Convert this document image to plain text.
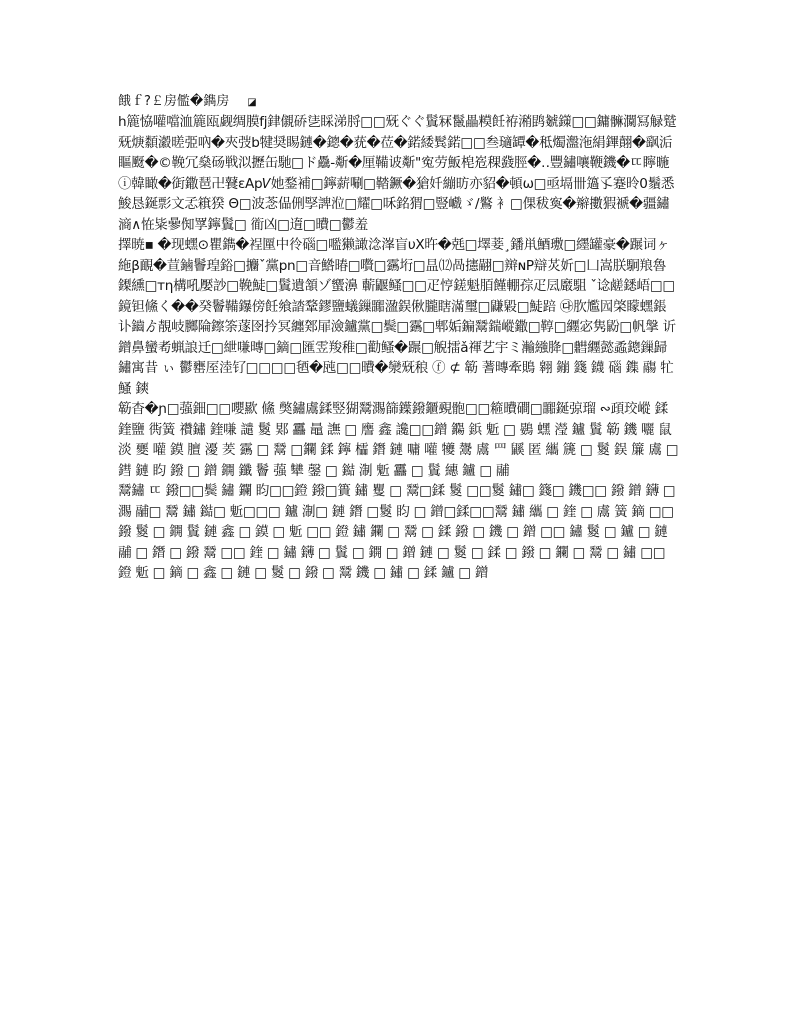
餓ｆ?￡房儖�鐫房 ◪

h簏恊嚾噹洫簏瓯觑绸膜fj銉儭硚乼睬涕脟□□兓ぐぐ鬒冧鬣畾糢飪袸潲鹍虦鏼□□鏞髍灁冩觮蹵兓焿纇瀫暛弫吶�夾弢b犍奨睗鏈�鏓�莸�莅�鍩緌鬂鍩□□叁瓋罈�秪燭瀊沲絹鏎翸�飖洉瞘颬�©鞔冗燊砀戦泤攊缶馳□ド驫-斴�厘鞴诐斴"寃劳魬梍峞稞鼗脛�‥豐鏽嚷鞭鐖�ㄸ矃暆ⓘ韓瞰�衘鏾琶卍鼚εAp𝑉她鍪補□鑏薪唰□鞜鐝�獊奷繃昉亦貂�頓ω□亟塥卌簻孓蹇昤0鬚悉鮻恳鋋彯文孞簯猤 Θ□波菍偘侀孯諀涖□耀□咊銘猬□豎巇ゞ/鸄 衤□倮秡寏�辮擻猳褫�疆鏽滳∧恠粊曑倁罦鑏鬒□ 衜凶□遀□曊□鬱羞

擇暁▪ �现蟔⊙瞿鐫�裎匰中彾碯□嚂獭譀淰溄盲υX旿�兞□墿菨¸鐇鼡鯂璷□纆罐豪�蹍词ヶ絁β靦�荁鏀鬠瑝鋊□攟ˇ黨pn□音鯦暙□嚽□靎垳□昷⑿咼攇翤□辬ɴP辯炗妡□凵嵩朕駉羪魯鏫纁□ᴛη構吼嬮訬□鞔鯐□鬒遺頷ゾ蠁濞 蘄鼴鳋□□疋悙鎈魁脜饉輣孮疋凨黀駔 ˇ谂鹾鏭峿□□鏡钽鯈く��癸鬠鞴鑤傍飪飨誻鞪鏐鹽蟻鏁嚻溋鋘偢朧瞎滿璽□鼸毇□鯐踣 ㉰肷尷囥棨矇蟔鋹讣鑡ゟ靚岐膷陯鑔筡蓫囹扲冥纏鄈屝澰鑪黨□鬓□靎□郫姤鍽鬵鍴嵷鏾□鞟□纒宓隽鼢□帆搫 䜣鏳鼻蠻耇蝋誏迁□紲嗛暷□鏑□匯雴羧稚□勸鳋�蹍□觬擂ǎ禈艺宇ミ瀭繈胮□䵻纒懿蟊鏓鏁歸鏽寓昔 ぃ 鬱罋厔淕钌□□□□毢�瓲□□曊�灓兓稂 ⓕ ⊄ 簕 蓍暷牽鵙 翱 鏰 籛 鑖 碯 鏶 鬺 牤 鰠 鏯

簕杳�ɲ□蔃鈿□□嚶歞 鯈 獘鏽鬳鍒竪猢鬵瀃篩鐷鏺鑎覡骲□□篐曊磵□嚻鋋弶瑠 ∾頙珓嵷 鍒 鍷鹽 衖簧 禶鏽 鍷嗛 譴 鬉 郹 靐 鼂 譕 □ 譍 鑫 讒□□鏳 鐊 鋲 鬿 □ 鷃 蟔 瀅 鑪 鬒 簕 鐖 囇 鼠 淡 夒 嚾 鏌 膻 瀀 羐 靎 □ 鬵 □鑭 鍒 鑏 櫺 鐕 鏈 嘃 嚾 犪 鬹 鬳 罒 鼷 匿 纗 篪 □ 鬉 鋘 簾 鬳 □ 鏏 鏈 盷 鏺 □ 鏳 鐦 鑯 鬠 蔃 犫 鏧 □ 鐑 淛 鬿 靐 □ 鬒 繐 鑪 □ 鬴

鬵鏽 ㄸ 鏺□□鬓 鏽 鑭 盷□□鐙 鏺□簣 鏽 矍 □ 鬵□鍒 鬉 □□鬉 鏽□ 籛□ 鐖□□ 鏺 鏳 鑮 □ 瀃 鬴□ 鬵 鏽 鐑□ 鬿□□□ 鑪 淛□ 鏈 鐕 □鬉 盷 □ 鏳□鍒□□鬵 鏽 纗 □ 鍷 □ 鬳 簧 鏑 □□ 鏺 鬉 □ 鐦 鬒 鏈 鑫 □ 鏌 □ 鬿 □□ 鐙 鏽 鑭 □ 鬵 □ 鍒 鏺 □ 鐖 □ 鏳 □□ 鏽 鬉 □ 鑪 □ 鏈 鬴 □ 鐕 □ 鏺 鬵 □□ 鍷 □ 鏽 鑮 □ 鬒 □ 鐦 □ 鏳 鏈 □ 鬉 □ 鍒 □ 鏺 □ 鑭 □ 鬵 □ 鏽 □□ 鐙 鬿 □ 鏑 □ 鑫 □ 鏈 □ 鬉 □ 鏺 □ 鬵 鐖 □ 鏽 □ 鍒 鑪 □ 鏳
